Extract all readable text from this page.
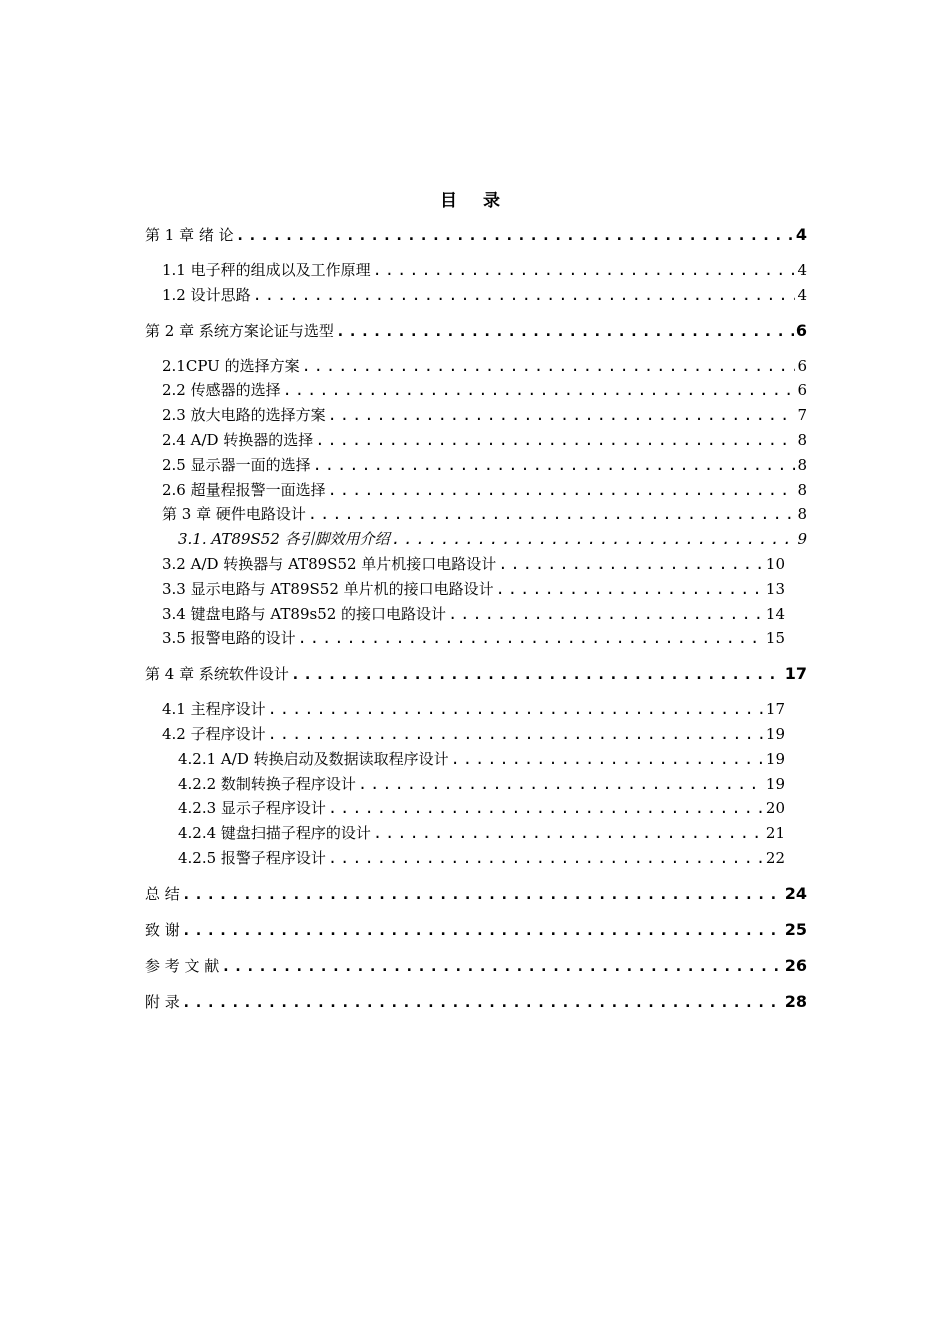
目 录
第 1 章 绪 论 .....	4
1.1 电子秤的组成以及工作原理 .....	4
1.2 设计思路 .....	4
第 2 章 系统方案论证与选型 .....	6
2.1CPU 的选择方案 .....	6
2.2 传感器的选择 .....	6
2.3 放大电路的选择方案 .....	7
2.4 A/D 转换器的选择 .....	8
2.5 显示器一面的选择 .....	8
2.6 超量程报警一面选择 .....	8
第 3 章 硬件电路设计 .....	8
3.1. AT89S52 各引脚效用介绍 .....	9
3.2 A/D 转换器与 AT89S52 单片机接口电路设计 .....	10
3.3 显示电路与 AT89S52 单片机的接口电路设计 .....	13
3.4 键盘电路与 AT89s52 的接口电路设计 .....	14
3.5 报警电路的设计 .....	15
第 4 章 系统软件设计 .....	17
4.1 主程序设计 .....	17
4.2 子程序设计 .....	19
4.2.1 A/D 转换启动及数据读取程序设计 .....	19
4.2.2 数制转换子程序设计 .....	19
4.2.3 显示子程序设计 .....	20
4.2.4 键盘扫描子程序的设计 .....	21
4.2.5 报警子程序设计 .....	22
总 结 .....	24
致 谢 .....	25
参 考 文 献 .....	26
附 录 .....	28
